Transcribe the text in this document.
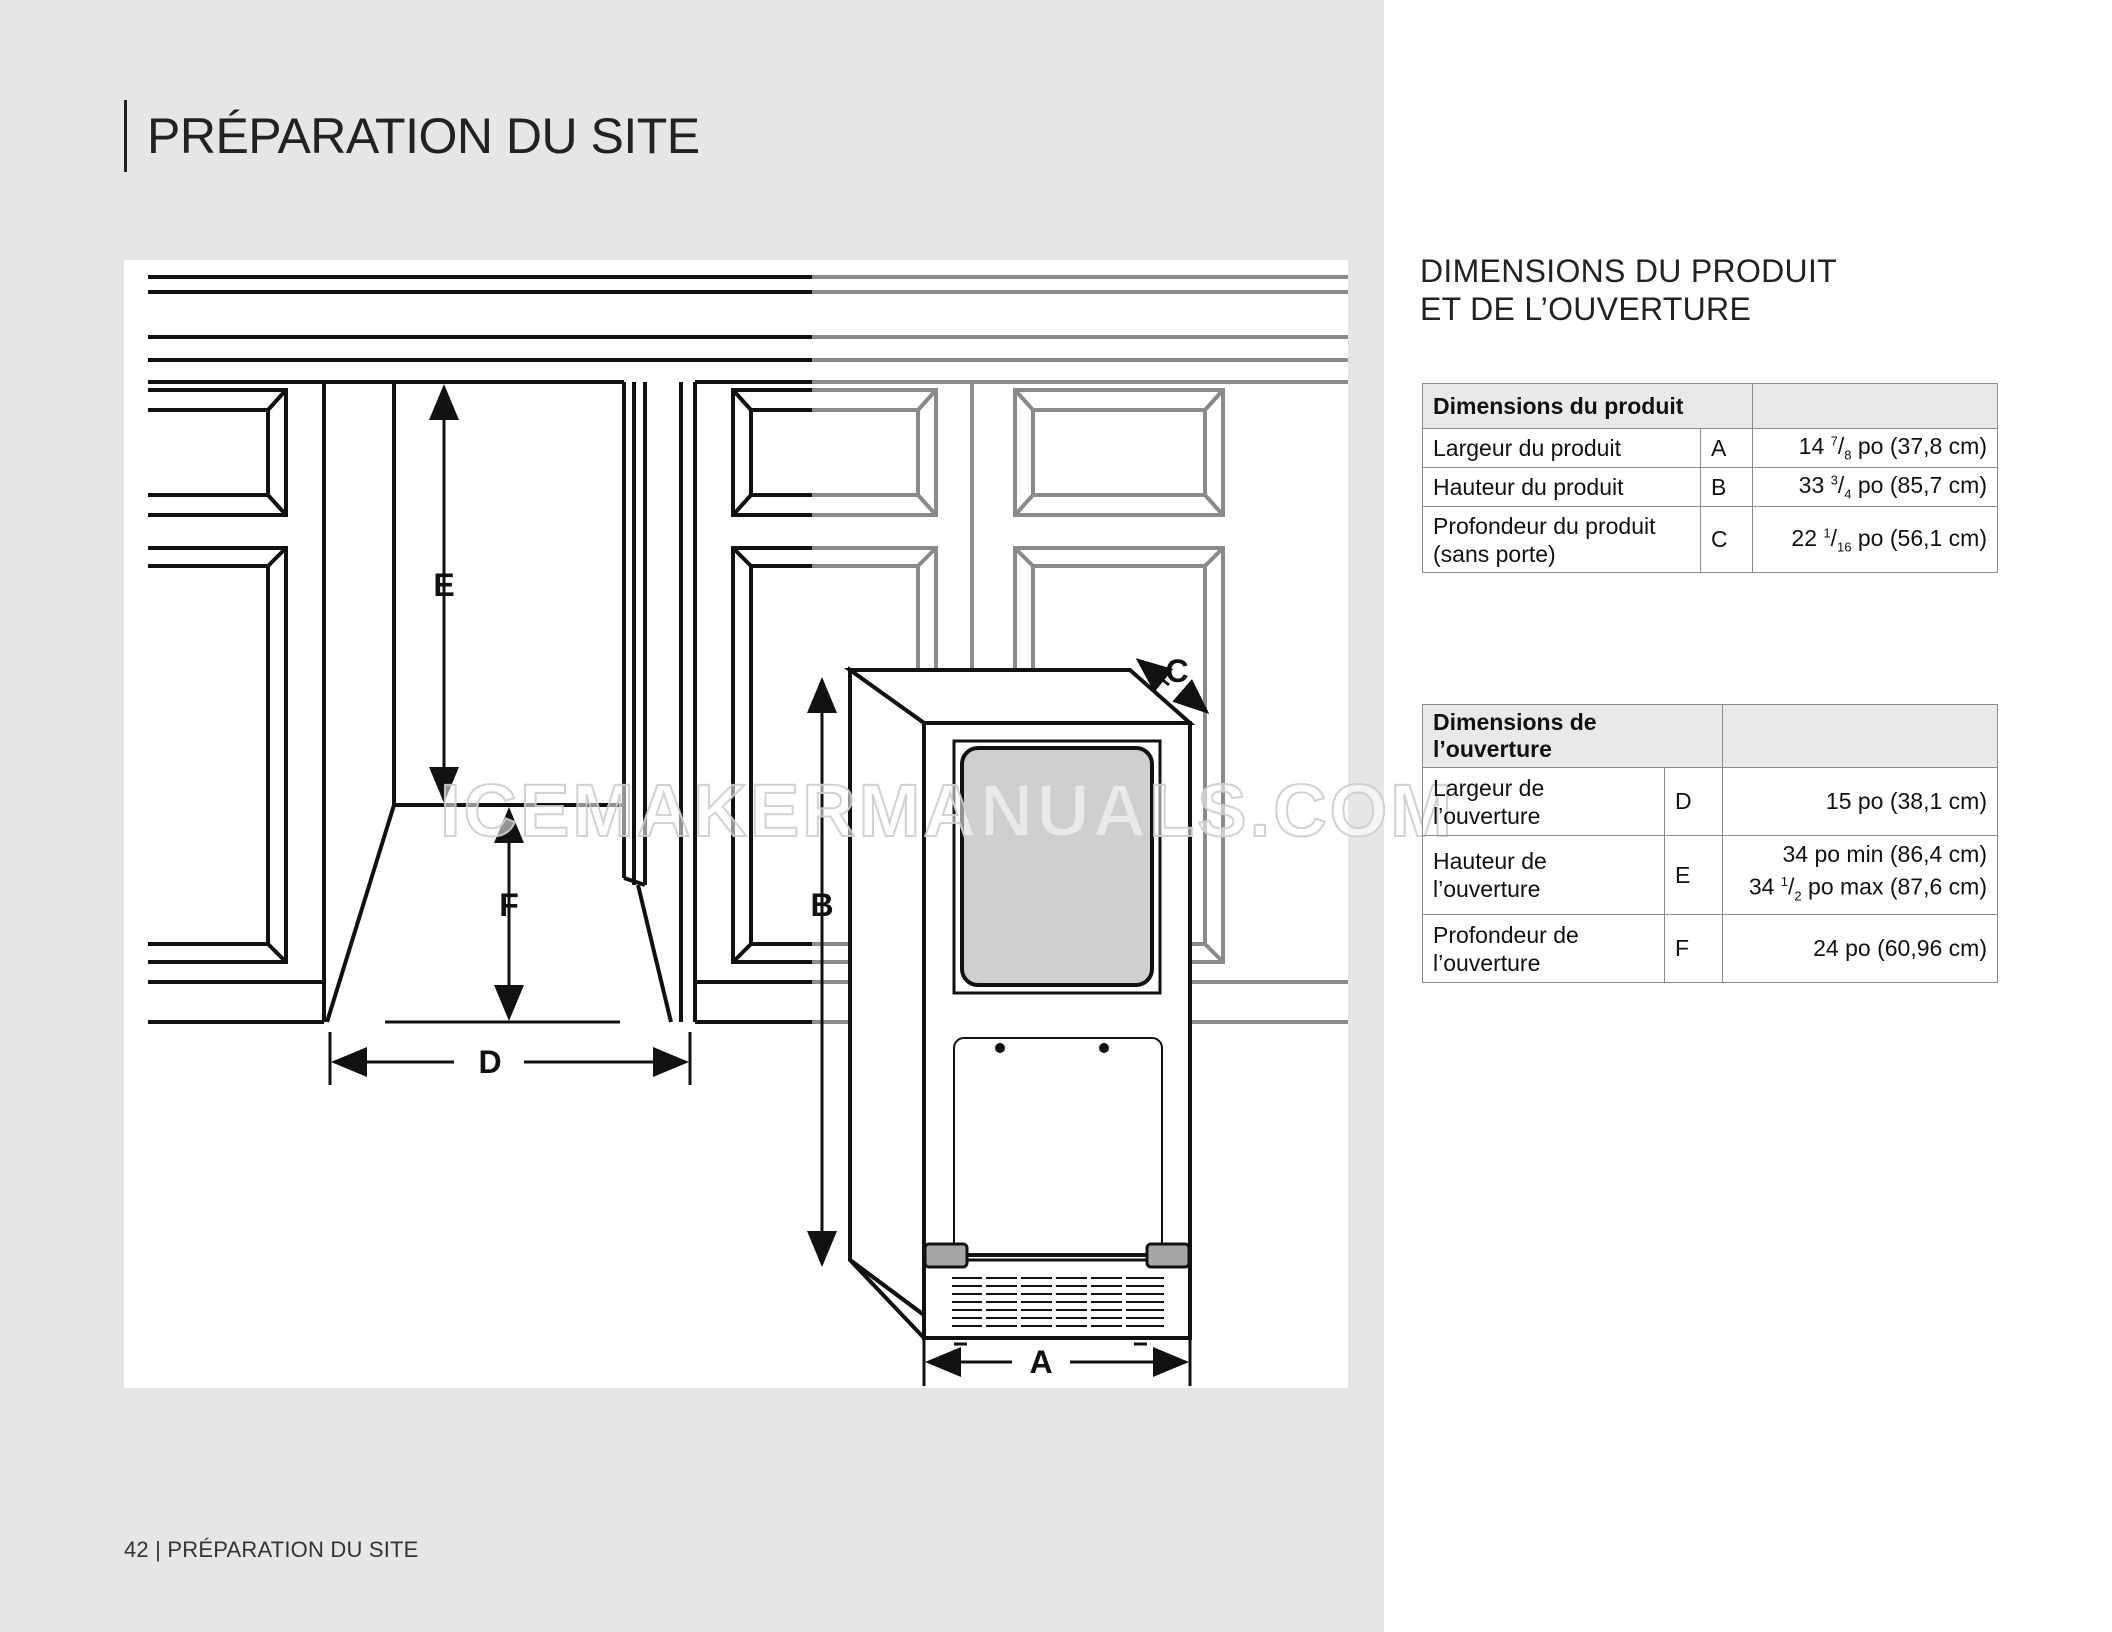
PRÉPARATION DU SITE
E
F
D
B
A
C
ICEMAKERMANUALS.COM
42 | PRÉPARATION DU SITE
DIMENSIONS DU PRODUIT
ET DE L’OUVERTURE
Dimensions du produit		
Largeur du produit	A	14 $^7/_8$ po (37,8 cm)
Hauteur du produit	B	33 $^3/_4$ po (85,7 cm)

Profondeur du produit
(sans porte)	C	22 $^1/_{16}$ po (56,1 cm)
Dimensions de l’ouverture		

Largeur de
l’ouverture	D	15 po (38,1 cm)

Hauteur de
l’ouverture	E	34 po min (86,4 cm)
34 $^1/_2$ po max (87,6 cm)

Profondeur de
l’ouverture	F	24 po (60,96 cm)
